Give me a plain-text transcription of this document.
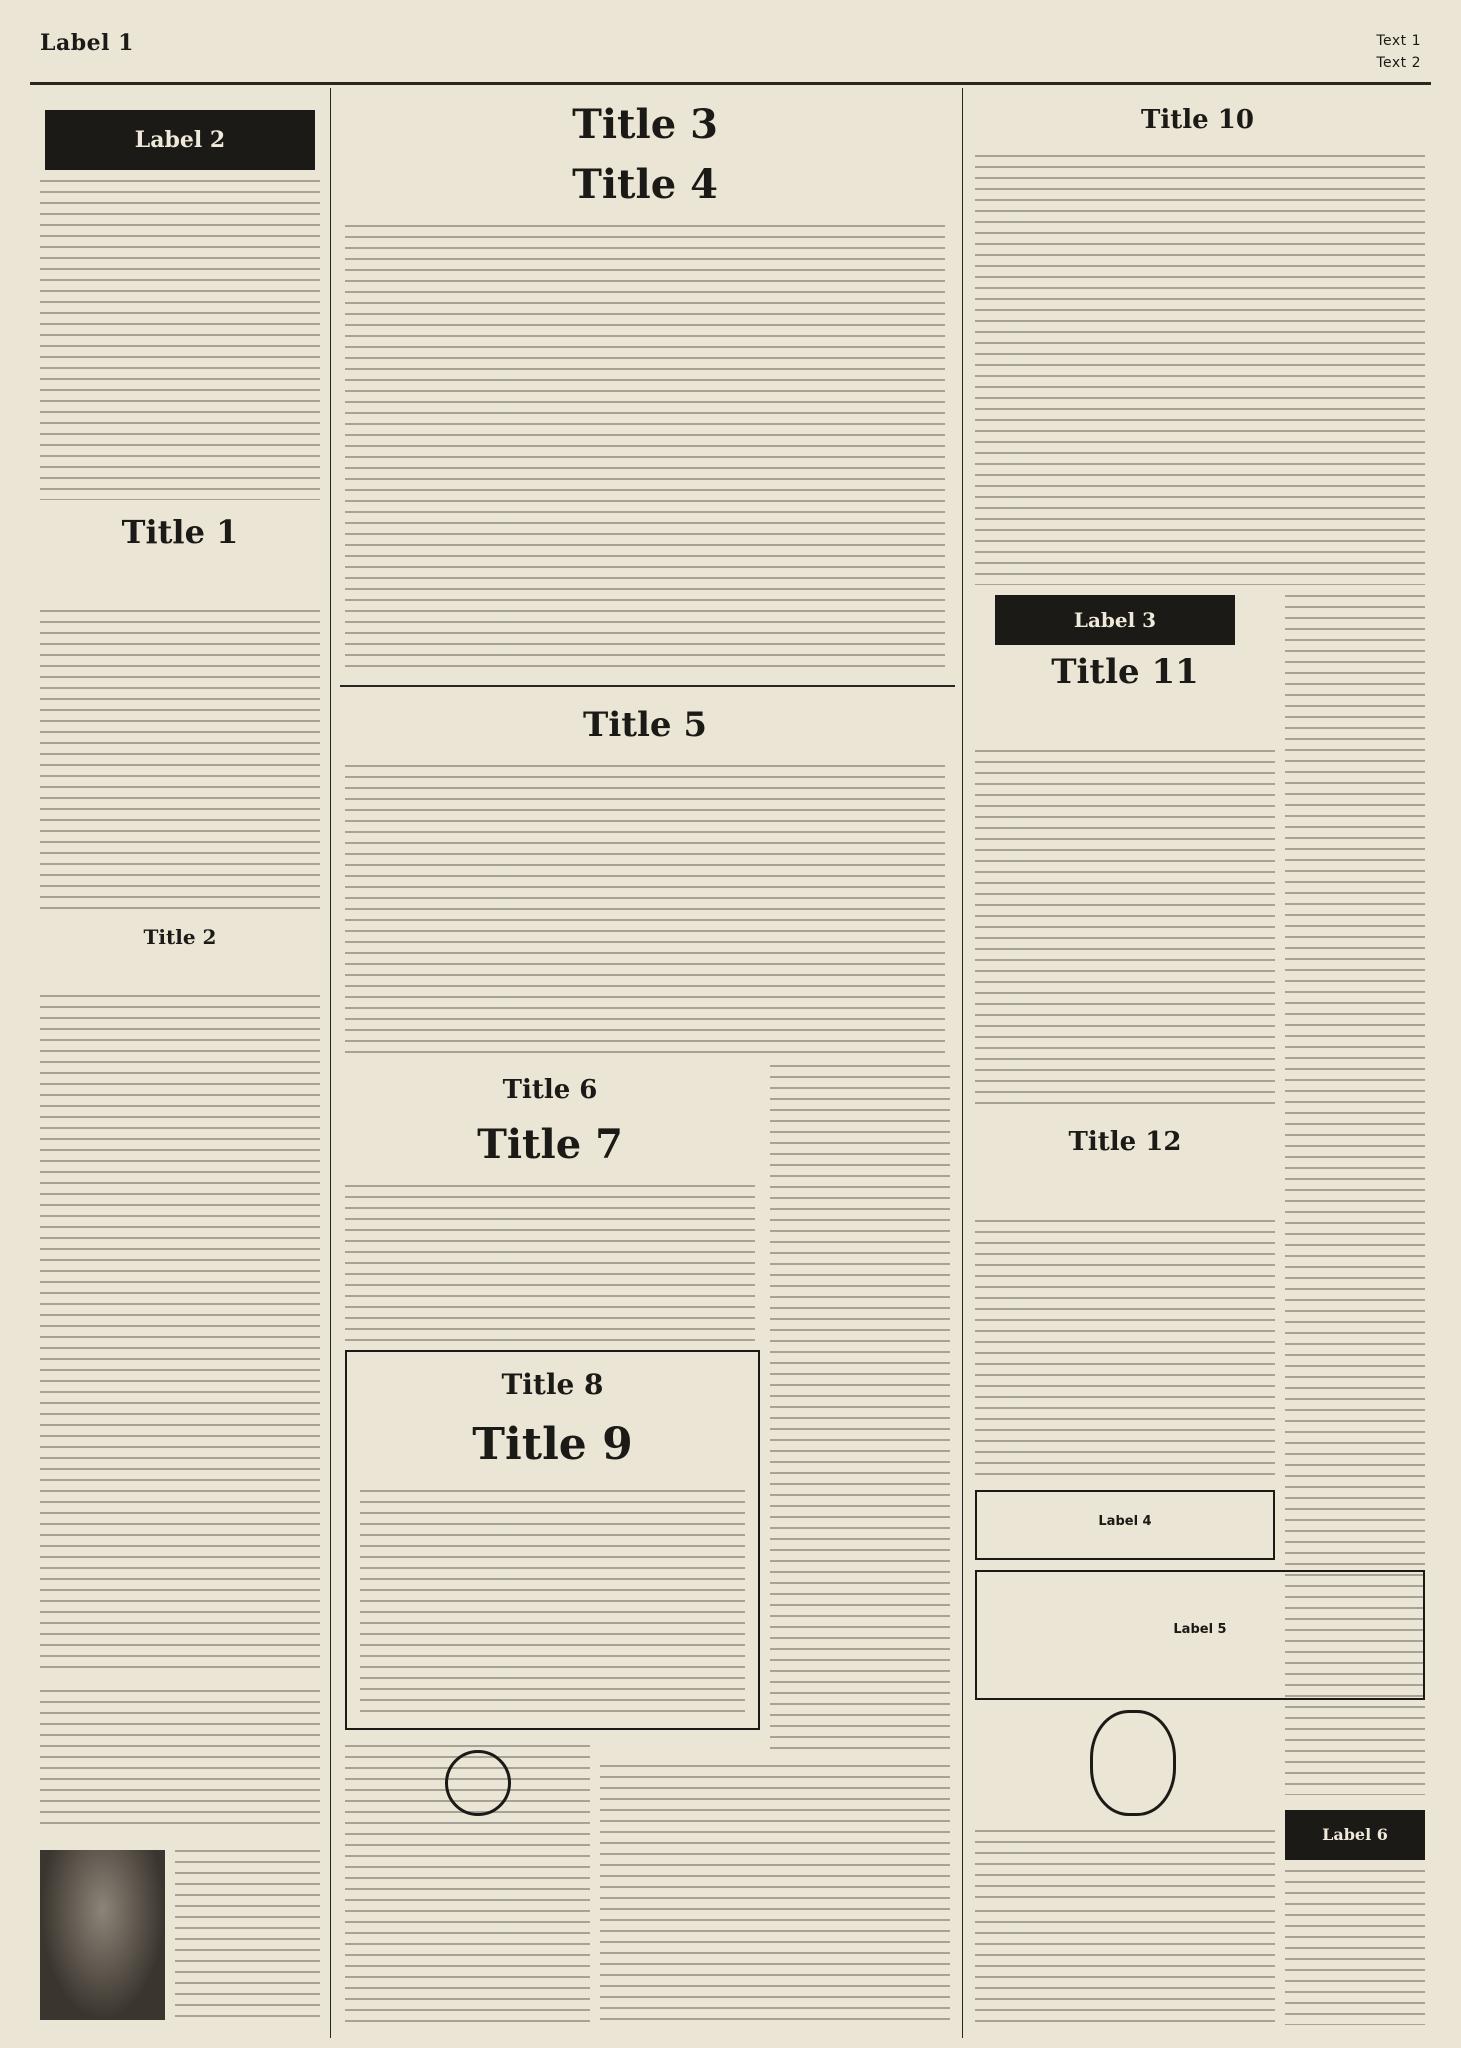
Label 1	Text 1
Text 2
Label 2
Title 1
Title 2
Title 3
Title 4
Title 5
Title 6
Title 7
Title 8
Title 9
Title 10
Label 3
Title 11
Title 12
Label 4
Label 5
Label 6
